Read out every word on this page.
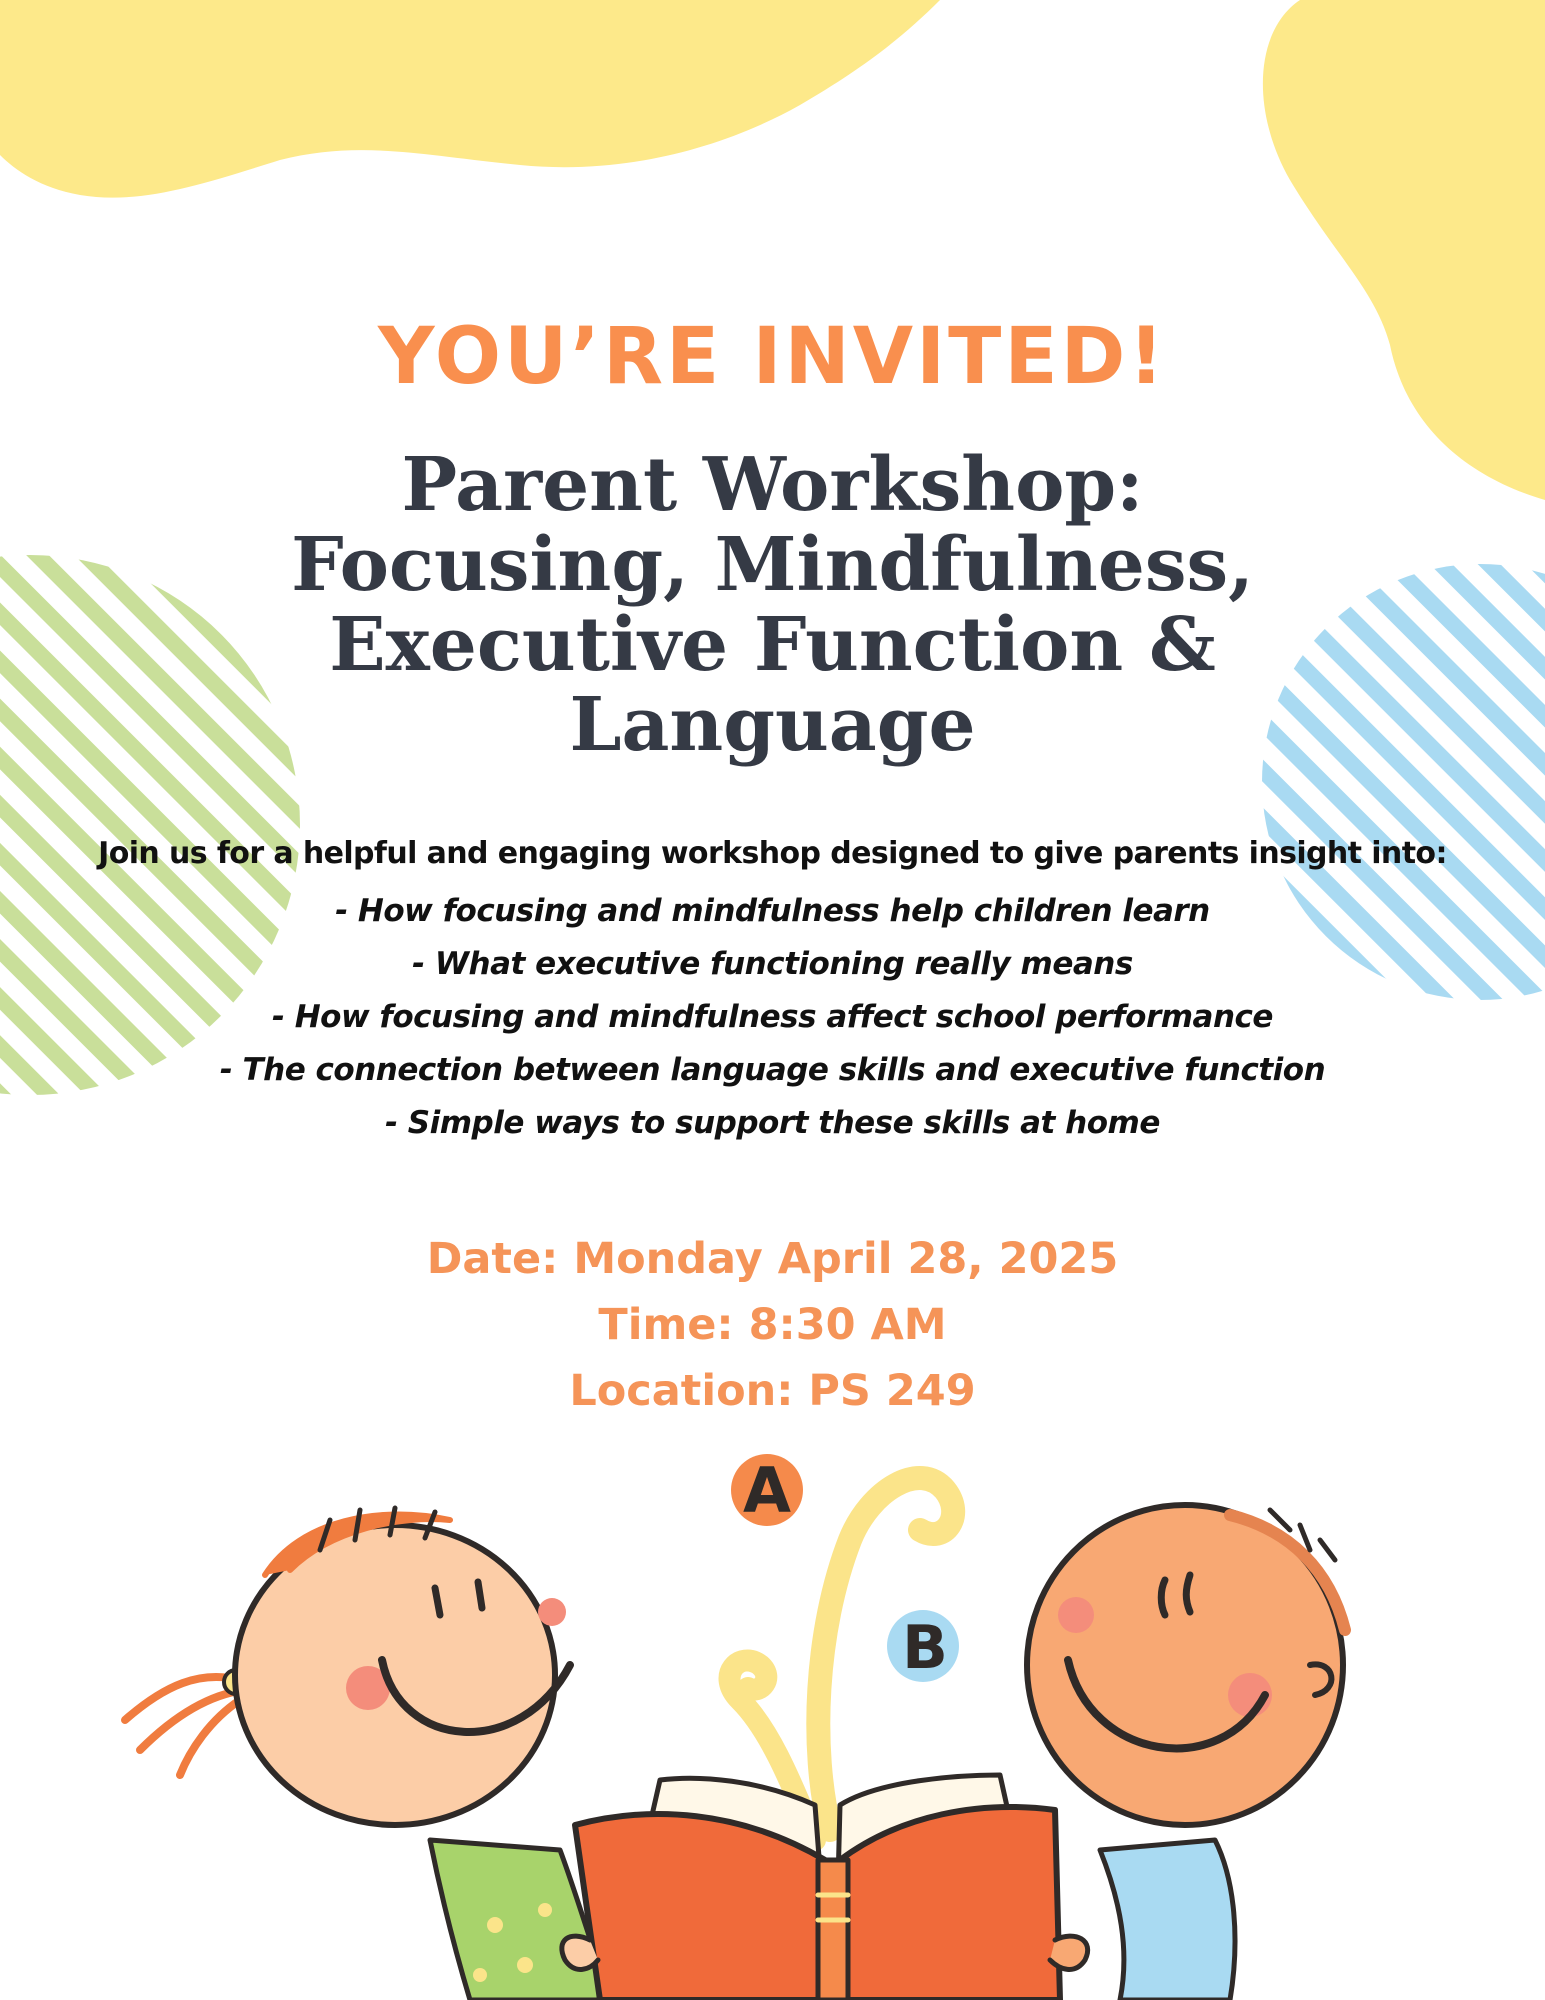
YOU’RE INVITED!
Parent Workshop:
Focusing, Mindfulness,
Executive Function &
Language
Join us for a helpful and engaging workshop designed to give parents insight into:
- How focusing and mindfulness help children learn
- What executive functioning really means
- How focusing and mindfulness affect school performance
- The connection between language skills and executive function
- Simple ways to support these skills at home
Date: Monday April 28, 2025
Time: 8:30 AM
Location: PS 249
A
B
